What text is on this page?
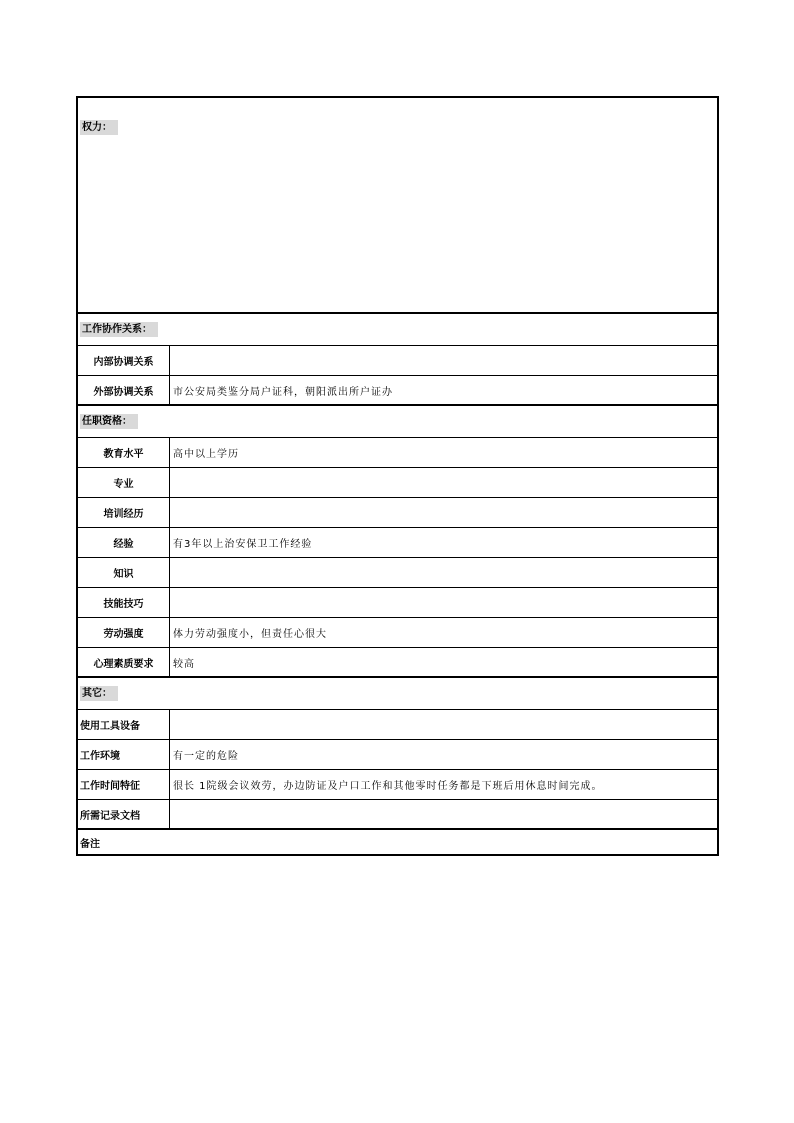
权力：
工作协作关系：
内部协调关系
外部协调关系	市公安局类鉴分局户证科，朝阳派出所户证办
任职资格：
教育水平	高中以上学历
专业
培训经历
经验	有3年以上治安保卫工作经验
知识
技能技巧
劳动强度	体力劳动强度小，但责任心很大
心理素质要求	较高
其它：
使用工具设备
工作环境	有一定的危险
工作时间特征	很长 1院级会议效劳，办边防证及户口工作和其他零时任务都是下班后用休息时间完成。
所需记录文档
备注
